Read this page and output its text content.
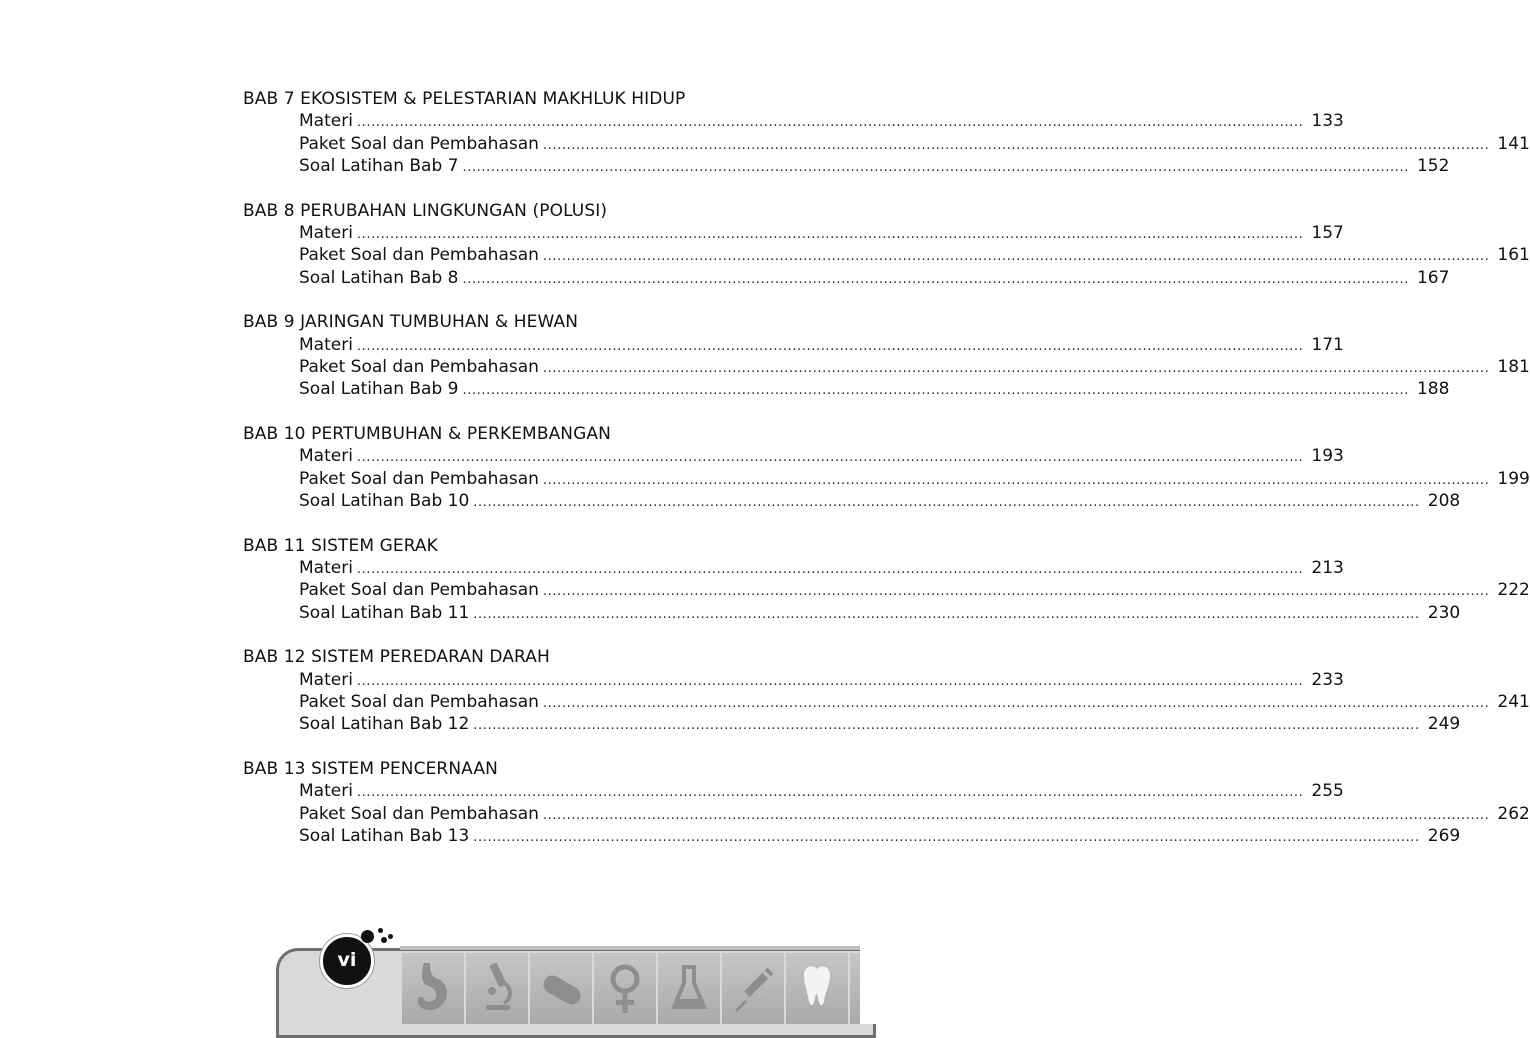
BAB 7 EKOSISTEM & PELESTARIAN MAKHLUK HIDUP
Materi ........................................................................................................................................................................................................ 133
Paket Soal dan Pembahasan ........................................................................................................................................................................................................ 141
Soal Latihan Bab 7 ........................................................................................................................................................................................................ 152
BAB 8 PERUBAHAN LINGKUNGAN (POLUSI)
Materi ........................................................................................................................................................................................................ 157
Paket Soal dan Pembahasan ........................................................................................................................................................................................................ 161
Soal Latihan Bab 8 ........................................................................................................................................................................................................ 167
BAB 9 JARINGAN TUMBUHAN & HEWAN
Materi ........................................................................................................................................................................................................ 171
Paket Soal dan Pembahasan ........................................................................................................................................................................................................ 181
Soal Latihan Bab 9 ........................................................................................................................................................................................................ 188
BAB 10 PERTUMBUHAN & PERKEMBANGAN
Materi ........................................................................................................................................................................................................ 193
Paket Soal dan Pembahasan ........................................................................................................................................................................................................ 199
Soal Latihan Bab 10 ........................................................................................................................................................................................................ 208
BAB 11 SISTEM GERAK
Materi ........................................................................................................................................................................................................ 213
Paket Soal dan Pembahasan ........................................................................................................................................................................................................ 222
Soal Latihan Bab 11 ........................................................................................................................................................................................................ 230
BAB 12 SISTEM PEREDARAN DARAH
Materi ........................................................................................................................................................................................................ 233
Paket Soal dan Pembahasan ........................................................................................................................................................................................................ 241
Soal Latihan Bab 12 ........................................................................................................................................................................................................ 249
BAB 13 SISTEM PENCERNAAN
Materi ........................................................................................................................................................................................................ 255
Paket Soal dan Pembahasan ........................................................................................................................................................................................................ 262
Soal Latihan Bab 13 ........................................................................................................................................................................................................ 269
vi
